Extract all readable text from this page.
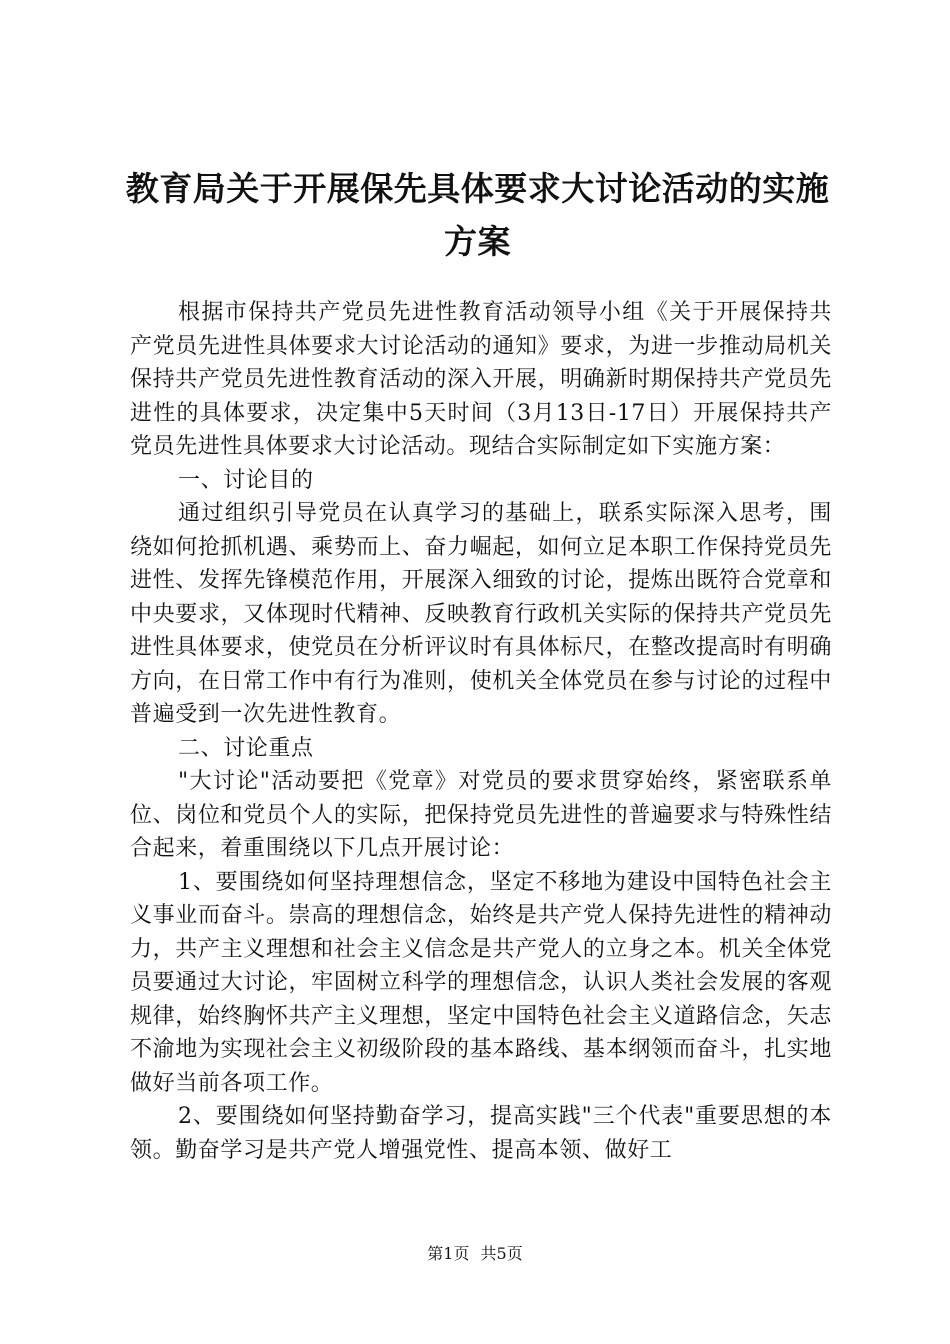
教育局关于开展保先具体要求大讨论活动的实施方案

根据市保持共产党员先进性教育活动领导小组《关于开展保持共产党员先进性具体要求大讨论活动的通知》要求，为进一步推动局机关保持共产党员先进性教育活动的深入开展，明确新时期保持共产党员先进性的具体要求，决定集中5天时间（3月13日-17日）开展保持共产党员先进性具体要求大讨论活动。现结合实际制定如下实施方案：

一、讨论目的

通过组织引导党员在认真学习的基础上，联系实际深入思考，围绕如何抢抓机遇、乘势而上、奋力崛起，如何立足本职工作保持党员先进性、发挥先锋模范作用，开展深入细致的讨论，提炼出既符合党章和中央要求，又体现时代精神、反映教育行政机关实际的保持共产党员先进性具体要求，使党员在分析评议时有具体标尺，在整改提高时有明确方向，在日常工作中有行为准则，使机关全体党员在参与讨论的过程中普遍受到一次先进性教育。

二、讨论重点

"大讨论"活动要把《党章》对党员的要求贯穿始终，紧密联系单位、岗位和党员个人的实际，把保持党员先进性的普遍要求与特殊性结合起来，着重围绕以下几点开展讨论：

1、要围绕如何坚持理想信念，坚定不移地为建设中国特色社会主义事业而奋斗。崇高的理想信念，始终是共产党人保持先进性的精神动力，共产主义理想和社会主义信念是共产党人的立身之本。机关全体党员要通过大讨论，牢固树立科学的理想信念，认识人类社会发展的客观规律，始终胸怀共产主义理想，坚定中国特色社会主义道路信念，矢志不渝地为实现社会主义初级阶段的基本路线、基本纲领而奋斗，扎实地做好当前各项工作。

2、要围绕如何坚持勤奋学习，提高实践"三个代表"重要思想的本领。勤奋学习是共产党人增强党性、提高本领、做好工

第1页 共5页
